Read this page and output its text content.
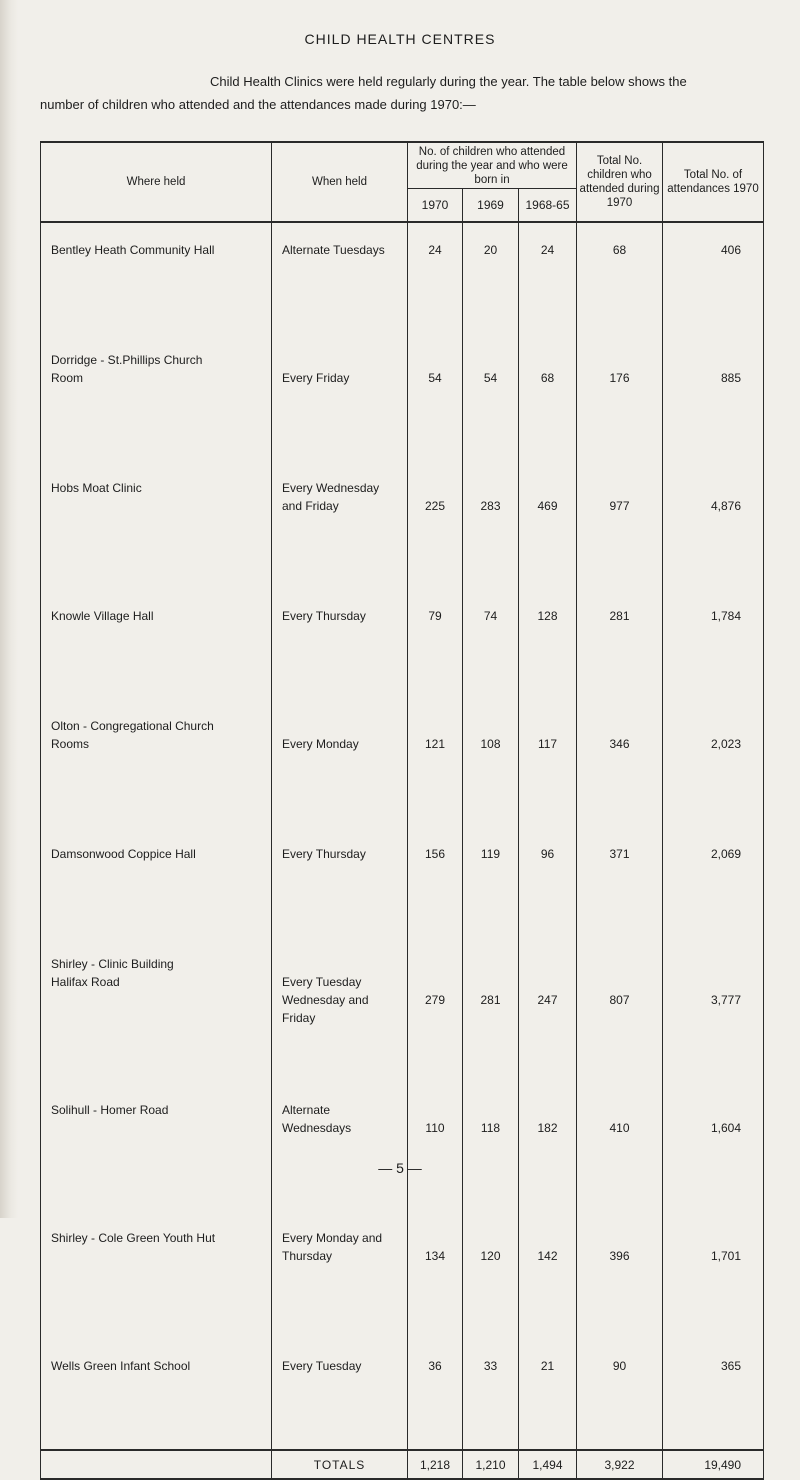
CHILD HEALTH CENTRES
Child Health Clinics were held regularly during the year. The table below shows the
number of children who attended and the attendances made during 1970:—
Where held	When held	No. of children who attended during the year and who were born in			Total No. children who attended during 1970	Total No. of attendances 1970
		1970	1969	1968-65		

Bentley Heath Community Hall	Alternate Tuesdays	24	20	24	68	406

Dorridge - St.Phillips Church
Room	Every Friday	54	54	68	176	885

Hobs Moat Clinic	Every Wednesday
and Friday	225	283	469	977	4,876

Knowle Village Hall	Every Thursday	79	74	128	281	1,784

Olton - Congregational Church
Rooms	Every Monday	121	108	117	346	2,023

Damsonwood Coppice Hall	Every Thursday	156	119	96	371	2,069

Shirley - Clinic Building
Halifax Road	Every Tuesday
Wednesday and
Friday	279	281	247	807	3,777

Solihull - Homer Road	Alternate
Wednesdays	110	118	182	410	1,604

Shirley - Cole Green Youth Hut	Every Monday and
Thursday	134	120	142	396	1,701

Wells Green Infant School	Every Tuesday	36	33	21	90	365

	TOTALS	1,218	1,210	1,494	3,922	19,490
— 5 —
